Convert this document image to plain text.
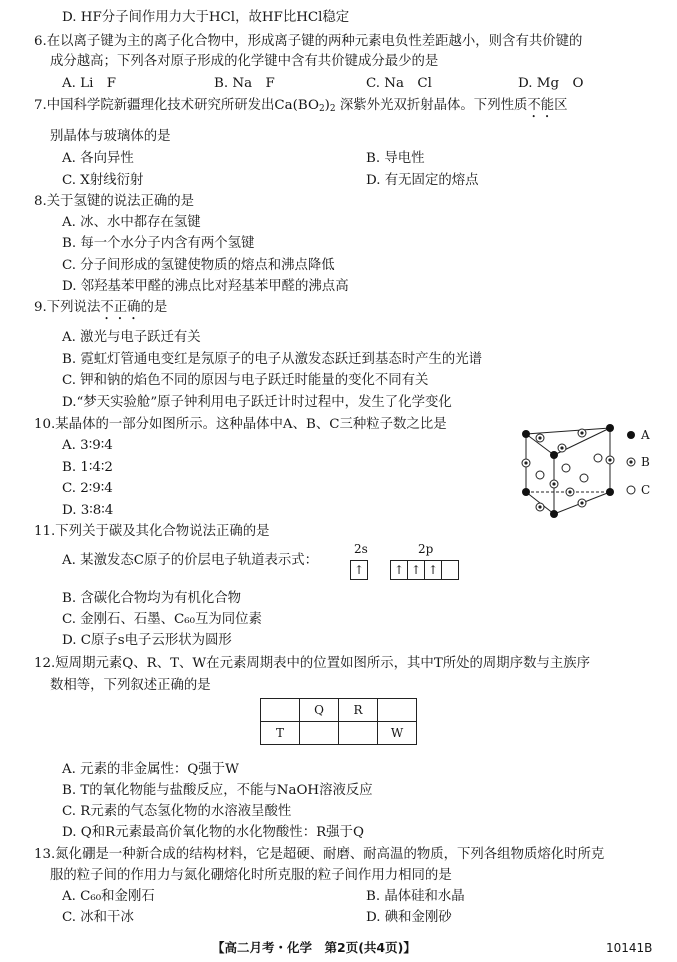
D. HF分子间作用力大于HCl，故HF比HCl稳定
6.在以离子键为主的离子化合物中，形成离子键的两种元素电负性差距越小，则含有共价键的
成分越高；下列各对原子形成的化学键中含有共价键成分最少的是
A. Li　F	B. Na　F	C. Na　Cl	D. Mg　O
7.中国科学院新疆理化技术研究所研发出$Ca(BO_2)_2$ 深紫外光双折射晶体。下列性质不能区
别晶体与玻璃体的是
A. 各向异性	B. 导电性
C. X射线衍射	D. 有无固定的熔点
8.关于氢键的说法正确的是
A. 冰、水中都存在氢键
B. 每一个水分子内含有两个氢键
C. 分子间形成的氢键使物质的熔点和沸点降低
D. 邻羟基苯甲醛的沸点比对羟基苯甲醛的沸点高
9.下列说法不正确的是
A. 激光与电子跃迁有关
B. 霓虹灯管通电变红是氖原子的电子从激发态跃迁到基态时产生的光谱
C. 钾和钠的焰色不同的原因与电子跃迁时能量的变化不同有关
D.“梦天实验舱”原子钟利用电子跃迁计时过程中，发生了化学变化
10.某晶体的一部分如图所示。这种晶体中A、B、C三种粒子数之比是
A. 3∶9∶4
B. 1∶4∶2
C. 2∶9∶4
D. 3∶8∶4
A
B
C
11.下列关于碳及其化合物说法正确的是
A. 某激发态C原子的价层电子轨道表示式：
2s	2p
↑	↑ ↑ ↑
B. 含碳化合物均为有机化合物
C. 金刚石、石墨、C₆₀互为同位素
D. C原子s电子云形状为圆形
12.短周期元素Q、R、T、W在元素周期表中的位置如图所示，其中T所处的周期序数与主族序
数相等，下列叙述正确的是
	Q	R	
T			W
A. 元素的非金属性：Q强于W
B. T的氧化物能与盐酸反应，不能与NaOH溶液反应
C. R元素的气态氢化物的水溶液呈酸性
D. Q和R元素最高价氧化物的水化物酸性：R强于Q
13.氮化硼是一种新合成的结构材料，它是超硬、耐磨、耐高温的物质，下列各组物质熔化时所克
服的粒子间的作用力与氮化硼熔化时所克服的粒子间作用力相同的是
A. C₆₀和金刚石	B. 晶体硅和水晶
C. 冰和干冰	D. 碘和金刚砂
【高二月考・化学　第2页(共4页)】	10141B
